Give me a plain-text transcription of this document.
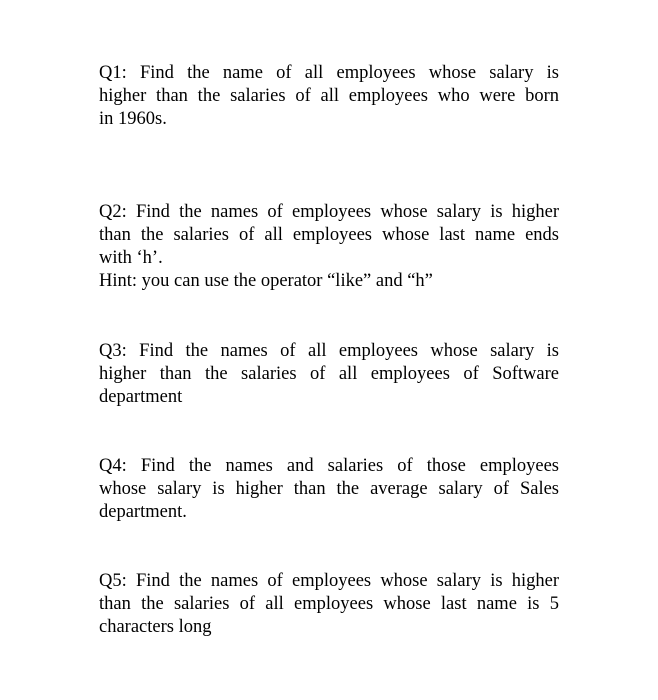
Q1: Find the name of all employees whose salary is
higher than the salaries of all employees who were born
in 1960s.
Q2: Find the names of employees whose salary is higher
than the salaries of all employees whose last name ends
with ‘h’.
Hint: you can use the operator “like” and “h”
Q3: Find the names of all employees whose salary is
higher than the salaries of all employees of Software
department
Q4: Find the names and salaries of those employees
whose salary is higher than the average salary of Sales
department.
Q5: Find the names of employees whose salary is higher
than the salaries of all employees whose last name is 5
characters long
